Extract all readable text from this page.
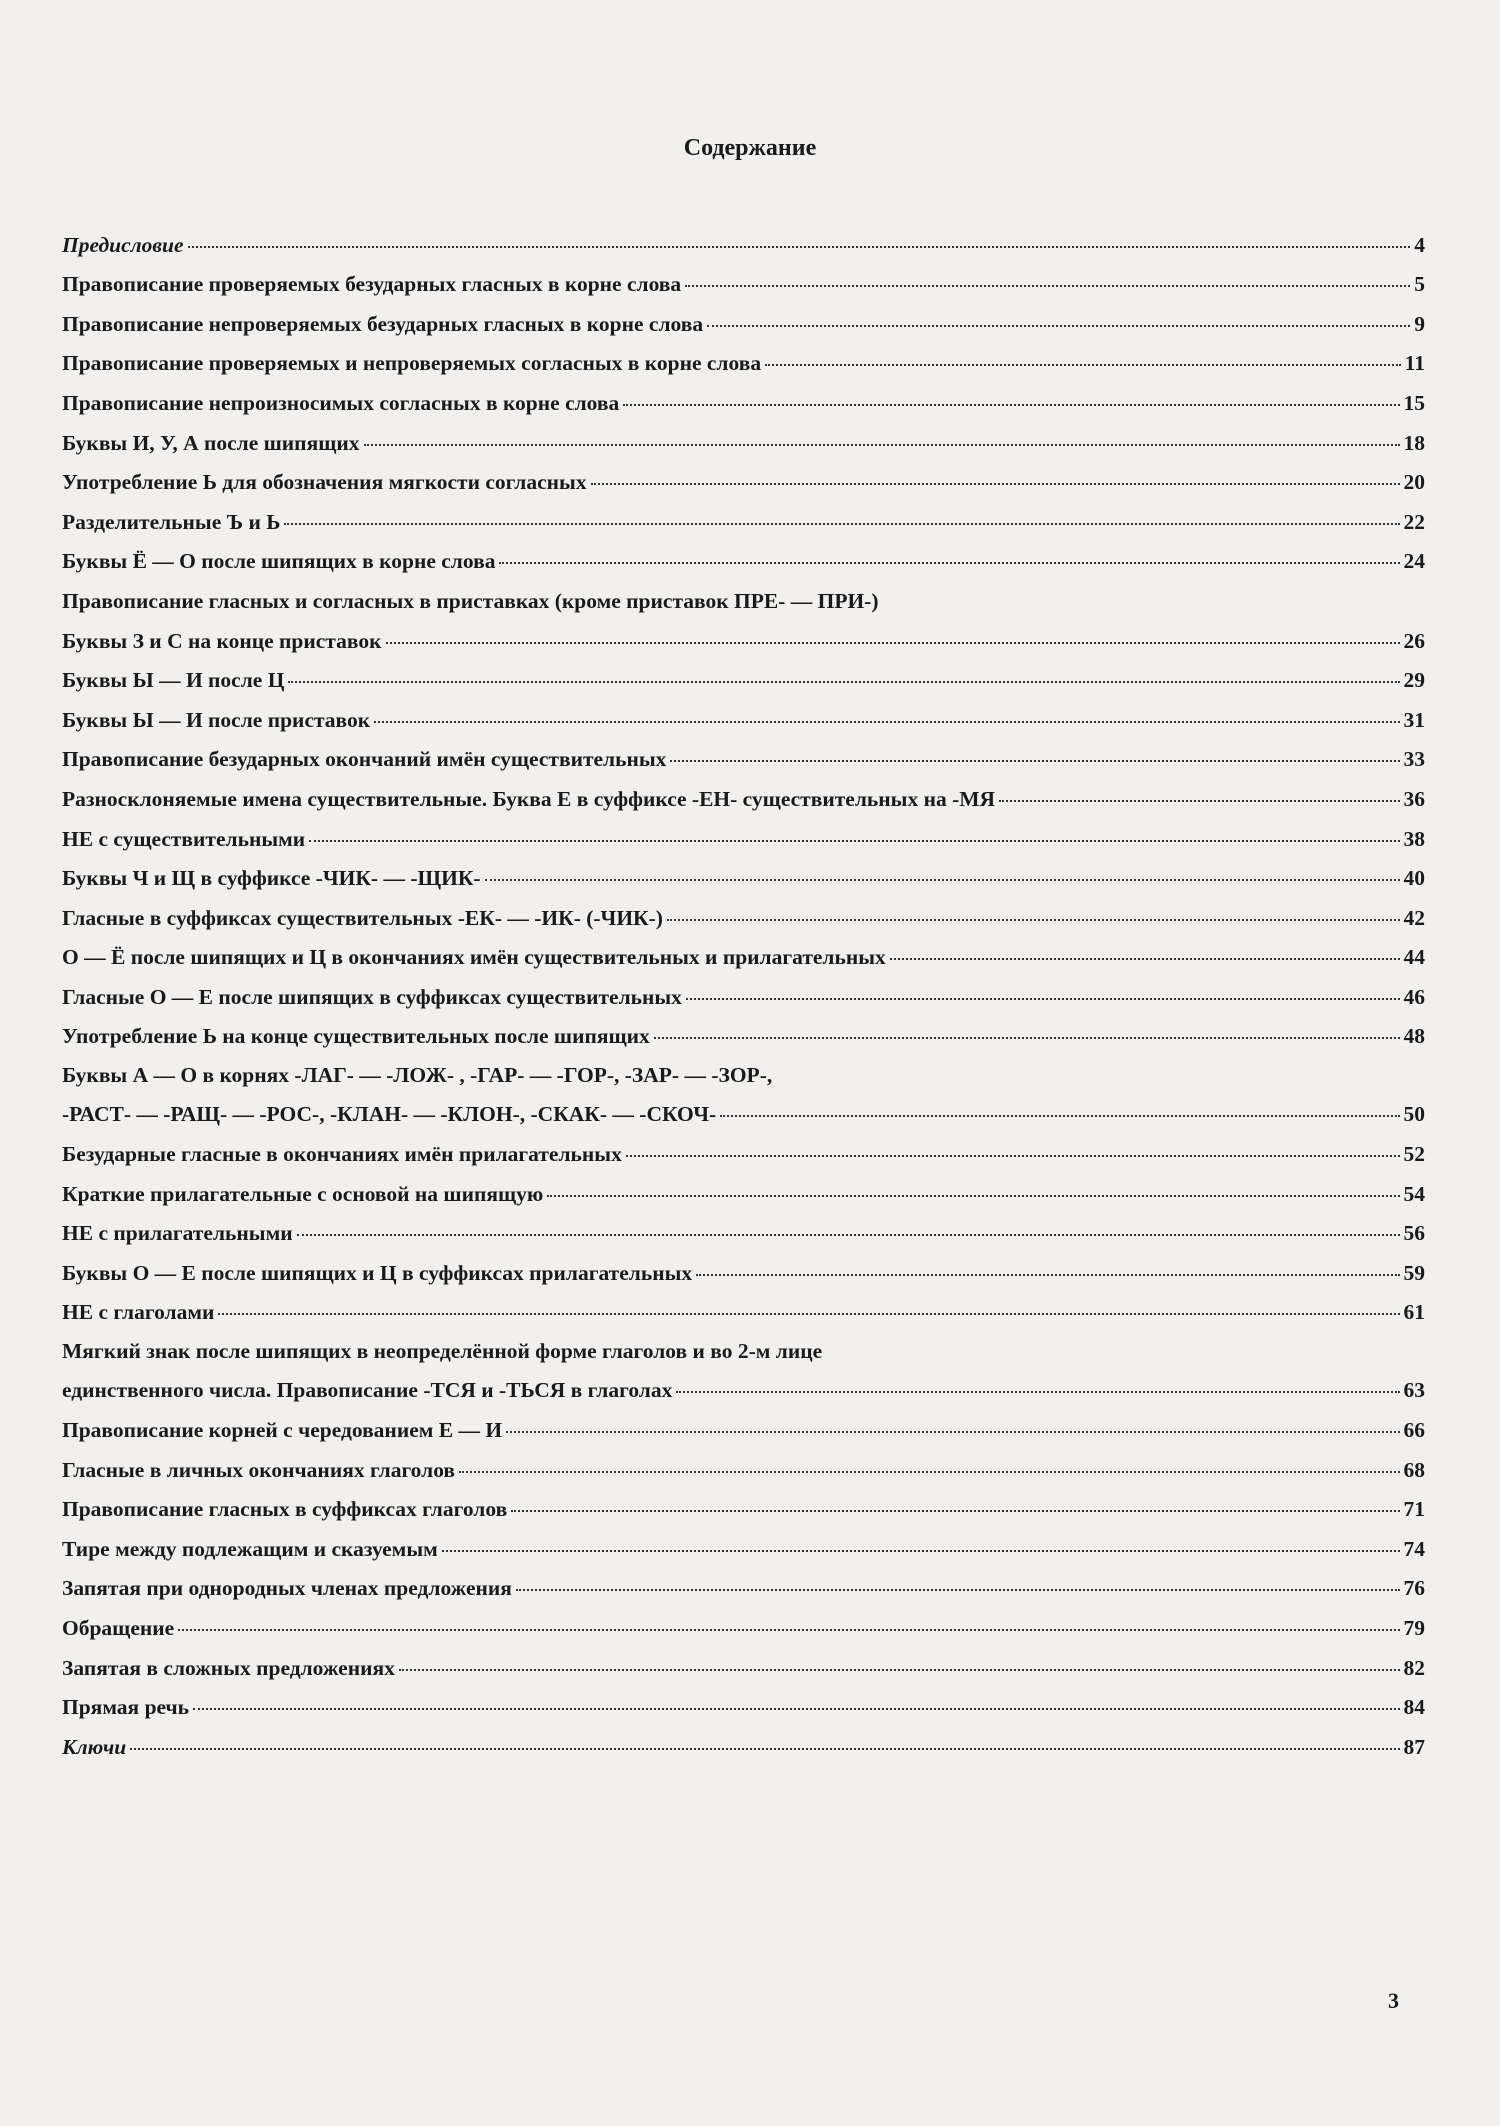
Содержание
Предисловие	4
Правописание проверяемых безударных гласных в корне слова	5
Правописание непроверяемых безударных гласных в корне слова	9
Правописание проверяемых и непроверяемых согласных в корне слова	11
Правописание непроизносимых согласных в корне слова	15
Буквы И, У, А после шипящих	18
Употребление Ь для обозначения мягкости согласных	20
Разделительные Ъ и Ь	22
Буквы Ё — О после шипящих в корне слова	24
Правописание гласных и согласных в приставках (кроме приставок ПРЕ- — ПРИ-)
Буквы З и С на конце приставок	26
Буквы Ы — И после Ц	29
Буквы Ы — И после приставок	31
Правописание безударных окончаний имён существительных	33
Разносклоняемые имена существительные. Буква Е в суффиксе -ЕН- существительных на -МЯ	36
НЕ с существительными	38
Буквы Ч и Щ в суффиксе -ЧИК- — -ЩИК-	40
Гласные в суффиксах существительных -ЕК- — -ИК- (-ЧИК-)	42
О — Ё после шипящих и Ц в окончаниях имён существительных и прилагательных	44
Гласные О — Е после шипящих в суффиксах существительных	46
Употребление Ь на конце существительных после шипящих	48
Буквы А — О в корнях -ЛАГ- — -ЛОЖ- , -ГАР- — -ГОР-, -ЗАР- — -ЗОР-,
-РАСТ- — -РАЩ- — -РОС-, -КЛАН- — -КЛОН-, -СКАК- — -СКОЧ-	50
Безударные гласные в окончаниях имён прилагательных	52
Краткие прилагательные с основой на шипящую	54
НЕ с прилагательными	56
Буквы О — Е после шипящих и Ц в суффиксах прилагательных	59
НЕ с глаголами	61
Мягкий знак после шипящих в неопределённой форме глаголов и во 2-м лице
единственного числа. Правописание -ТСЯ и -ТЬСЯ в глаголах	63
Правописание корней с чередованием Е — И	66
Гласные в личных окончаниях глаголов	68
Правописание гласных в суффиксах глаголов	71
Тире между подлежащим и сказуемым	74
Запятая при однородных членах предложения	76
Обращение	79
Запятая в сложных предложениях	82
Прямая речь	84
Ключи	87
3
